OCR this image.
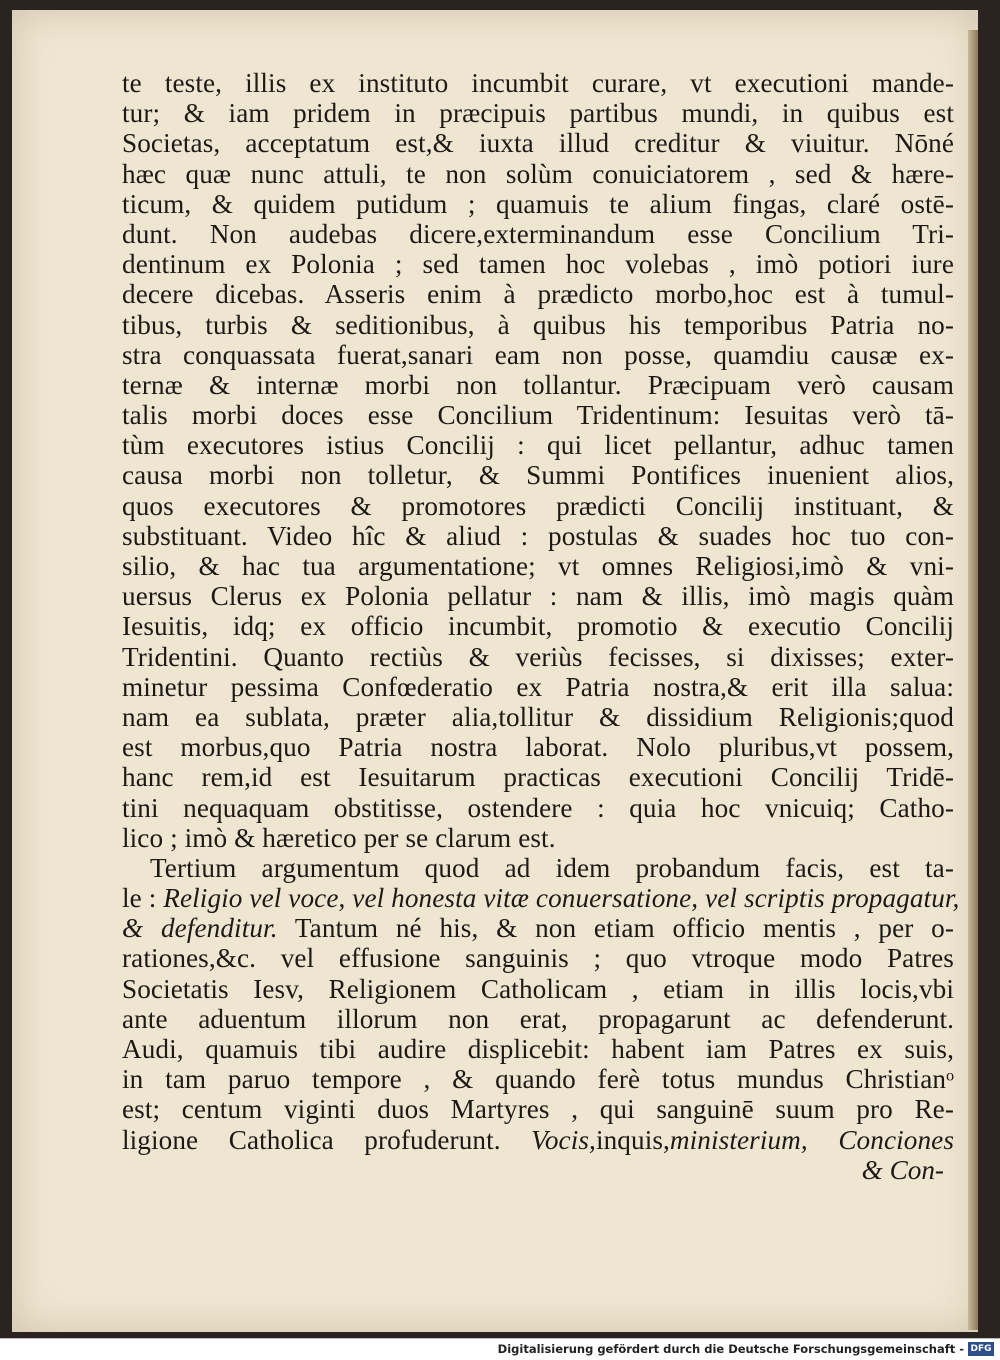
te teste, illis ex instituto incumbit curare, vt executioni mande-
tur; & iam pridem in præcipuis partibus mundi, in quibus est
Societas, acceptatum est,& iuxta illud creditur & viuitur. Nōné
hæc quæ nunc attuli, te non solùm conuiciatorem , sed & hære-
ticum, & quidem putidum ; quamuis te alium fingas, claré ostē-
dunt. Non audebas dicere,exterminandum esse Concilium Tri-
dentinum ex Polonia ; sed tamen hoc volebas , imò potiori iure
decere dicebas. Asseris enim à prædicto morbo,hoc est à tumul-
tibus, turbis & seditionibus, à quibus his temporibus Patria no-
stra conquassata fuerat,sanari eam non posse, quamdiu causæ ex-
ternæ & internæ morbi non tollantur. Præcipuam verò causam
talis morbi doces esse Concilium Tridentinum: Iesuitas verò tā-
tùm executores istius Concilij : qui licet pellantur, adhuc tamen
causa morbi non tolletur, & Summi Pontifices inuenient alios,
quos executores & promotores prædicti Concilij instituant, &
substituant. Video hîc & aliud : postulas & suades hoc tuo con-
silio, & hac tua argumentatione; vt omnes Religiosi,imò & vni-
uersus Clerus ex Polonia pellatur : nam & illis, imò magis quàm
Iesuitis, idq; ex officio incumbit, promotio & executio Concilij
Tridentini. Quanto rectiùs & veriùs fecisses, si dixisses; exter-
minetur pessima Confœderatio ex Patria nostra,& erit illa salua:
nam ea sublata, præter alia,tollitur & dissidium Religionis;quod
est morbus,quo Patria nostra laborat. Nolo pluribus,vt possem,
hanc rem,id est Iesuitarum practicas executioni Concilij Tridē-
tini nequaquam obstitisse, ostendere : quia hoc vnicuiq; Catho-
lico ; imò & hæretico per se clarum est.
Tertium argumentum quod ad idem probandum facis, est ta-
le : Religio vel voce, vel honesta vitæ conuersatione, vel scriptis propagatur,
& defenditur. Tantum né his, & non etiam officio mentis , per o-
rationes,&c. vel effusione sanguinis ; quo vtroque modo Patres
Societatis Iesv, Religionem Catholicam , etiam in illis locis,vbi
ante aduentum illorum non erat, propagarunt ac defenderunt.
Audi, quamuis tibi audire displicebit: habent iam Patres ex suis,
in tam paruo tempore , & quando ferè totus mundus Christianᵒ
est; centum viginti duos Martyres , qui sanguinē suum pro Re-
ligione Catholica profuderunt. Vocis,inquis,ministerium, Conciones
& Con-
Digitalisierung gefördert durch die Deutsche Forschungsgemeinschaft - DFG
